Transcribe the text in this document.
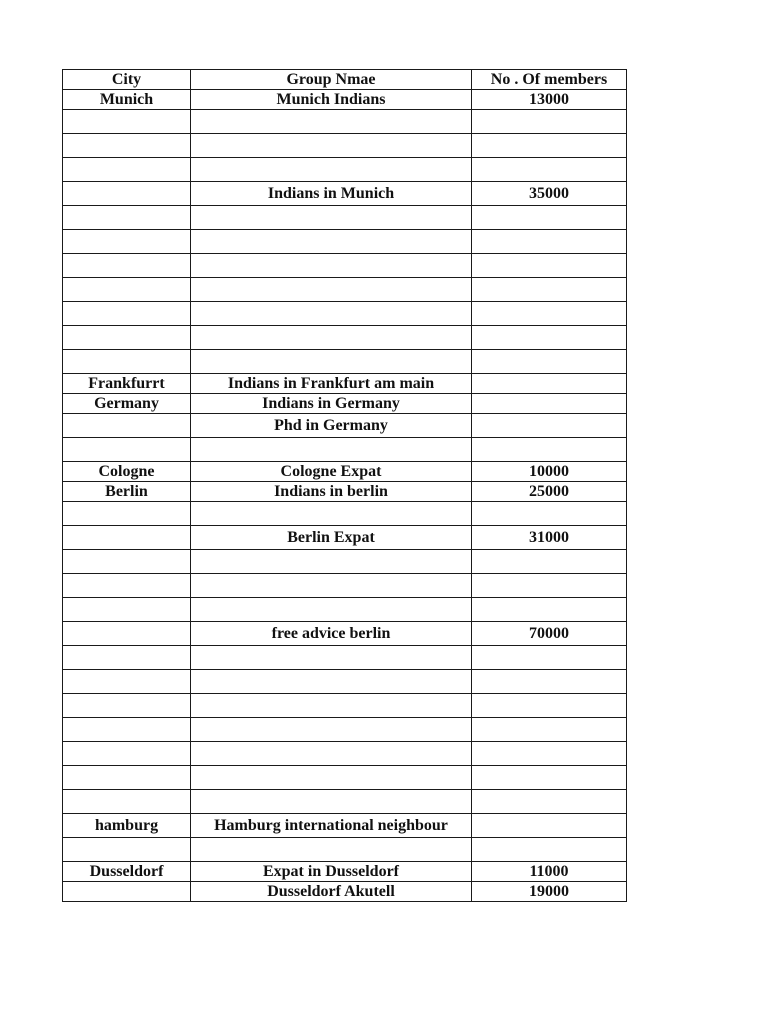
City	Group Nmae	No . Of members
Munich	Munich Indians	13000

	Indians in Munich	35000

Frankfurrt	Indians in Frankfurt am main	
Germany	Indians in Germany	
	Phd in Germany	

Cologne	Cologne Expat	10000
Berlin	Indians in berlin	25000

	Berlin Expat	31000

	free advice berlin	70000

hamburg	Hamburg international neighbour	

Dusseldorf	Expat in Dusseldorf	11000
	Dusseldorf Akutell	19000
